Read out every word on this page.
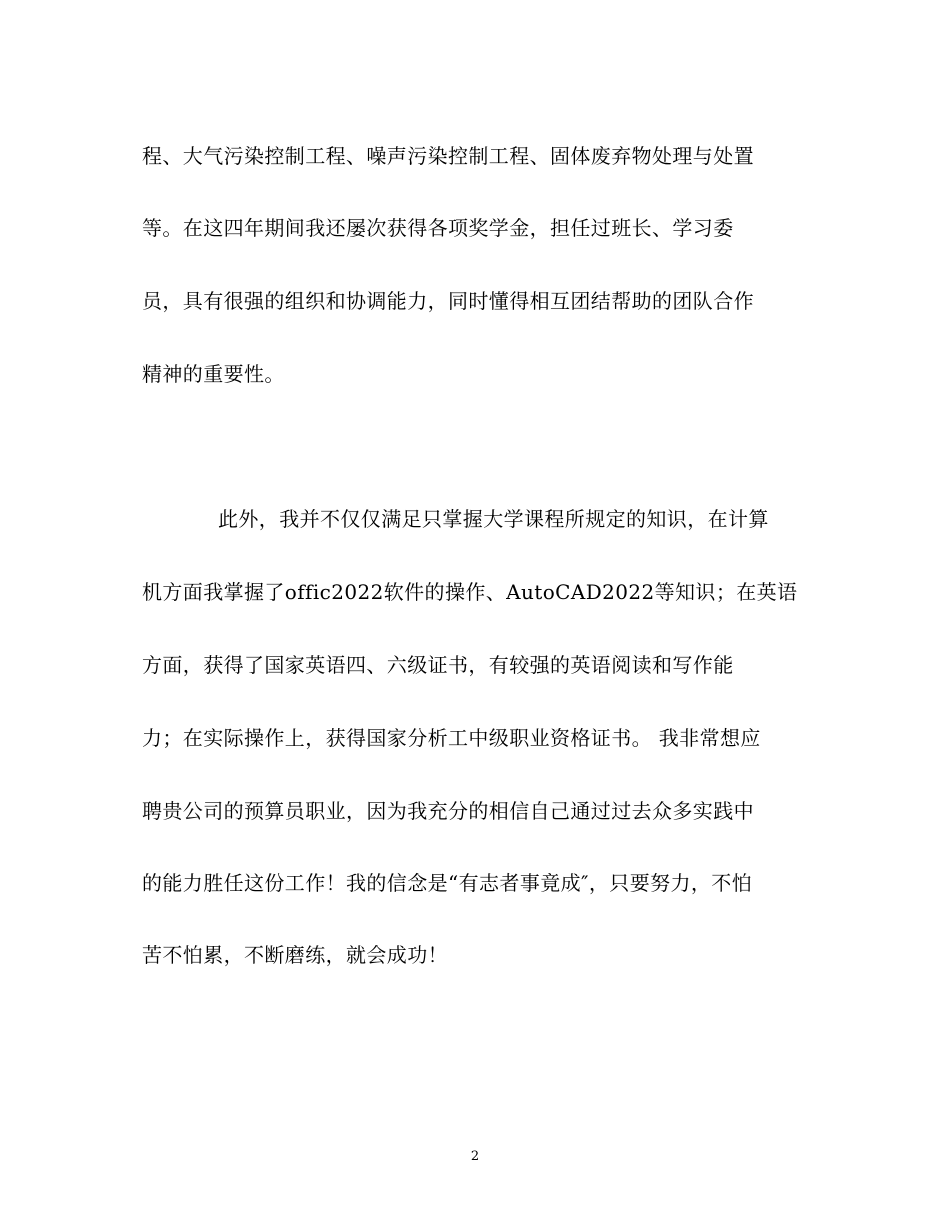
程、大气污染控制工程、噪声污染控制工程、固体废弃物处理与处置
等。在这四年期间我还屡次获得各项奖学金，担任过班长、学习委
员，具有很强的组织和协调能力，同时懂得相互团结帮助的团队合作
精神的重要性。
此外，我并不仅仅满足只掌握大学课程所规定的知识，在计算
机方面我掌握了offic2022软件的操作、AutoCAD2022等知识；在英语
方面，获得了国家英语四、六级证书，有较强的英语阅读和写作能
力；在实际操作上，获得国家分析工中级职业资格证书。 我非常想应
聘贵公司的预算员职业，因为我充分的相信自己通过过去众多实践中
的能力胜任这份工作！我的信念是“有志者事竟成″，只要努力，不怕
苦不怕累，不断磨练，就会成功！
2
